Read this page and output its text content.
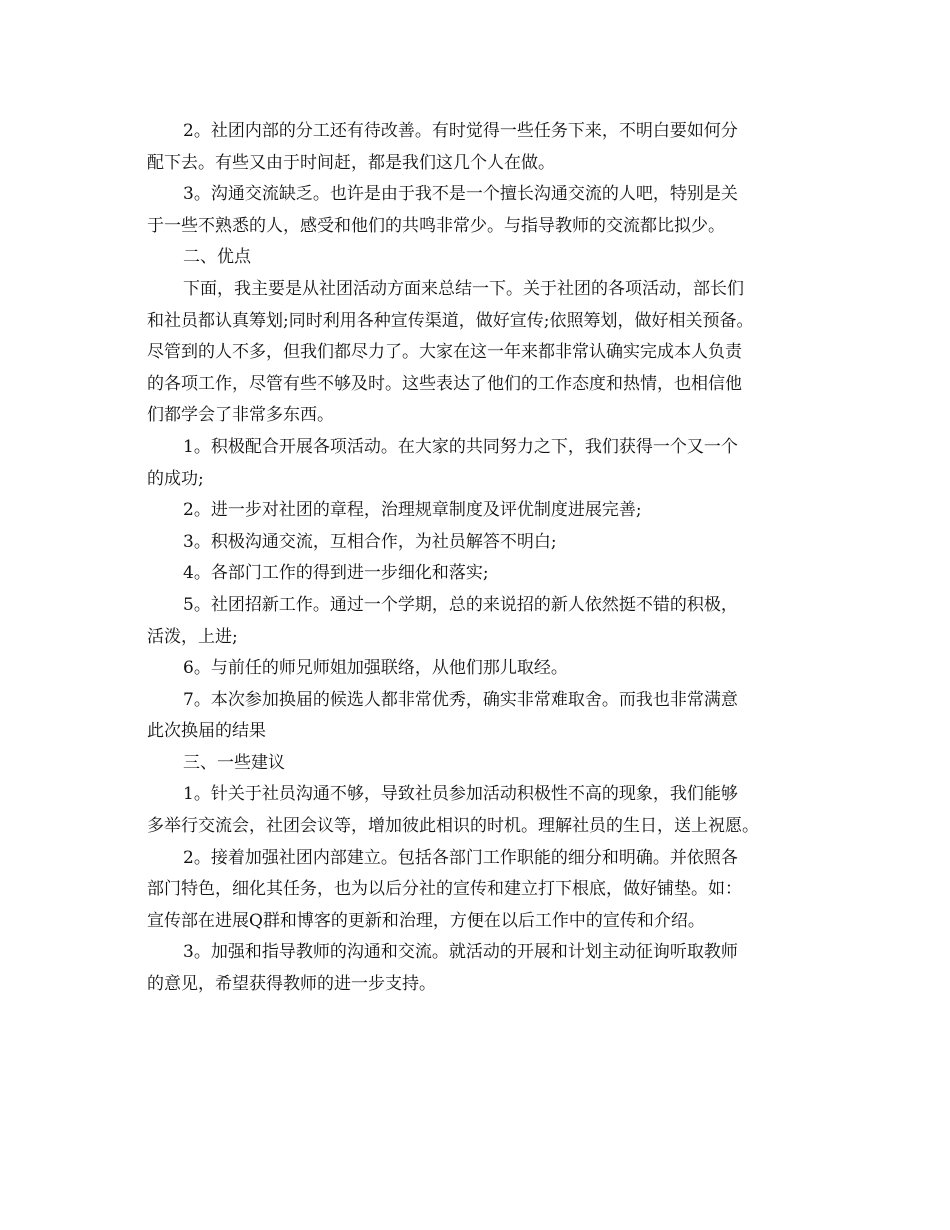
2。社团内部的分工还有待改善。有时觉得一些任务下来，不明白要如何分
配下去。有些又由于时间赶，都是我们这几个人在做。
3。沟通交流缺乏。也许是由于我不是一个擅长沟通交流的人吧，特别是关
于一些不熟悉的人，感受和他们的共鸣非常少。与指导教师的交流都比拟少。
二、优点
下面，我主要是从社团活动方面来总结一下。关于社团的各项活动，部长们
和社员都认真筹划;同时利用各种宣传渠道，做好宣传;依照筹划，做好相关预备。
尽管到的人不多，但我们都尽力了。大家在这一年来都非常认确实完成本人负责
的各项工作，尽管有些不够及时。这些表达了他们的工作态度和热情，也相信他
们都学会了非常多东西。
1。积极配合开展各项活动。在大家的共同努力之下，我们获得一个又一个
的成功;
2。进一步对社团的章程，治理规章制度及评优制度进展完善;
3。积极沟通交流，互相合作，为社员解答不明白;
4。各部门工作的得到进一步细化和落实;
5。社团招新工作。通过一个学期，总的来说招的新人依然挺不错的积极，
活泼，上进;
6。与前任的师兄师姐加强联络，从他们那儿取经。
7。本次参加换届的候选人都非常优秀，确实非常难取舍。而我也非常满意
此次换届的结果
三、一些建议
1。针关于社员沟通不够，导致社员参加活动积极性不高的现象，我们能够
多举行交流会，社团会议等，增加彼此相识的时机。理解社员的生日，送上祝愿。
2。接着加强社团内部建立。包括各部门工作职能的细分和明确。并依照各
部门特色，细化其任务，也为以后分社的宣传和建立打下根底，做好铺垫。如：
宣传部在进展Q群和博客的更新和治理，方便在以后工作中的宣传和介绍。
3。加强和指导教师的沟通和交流。就活动的开展和计划主动征询听取教师
的意见，希望获得教师的进一步支持。
